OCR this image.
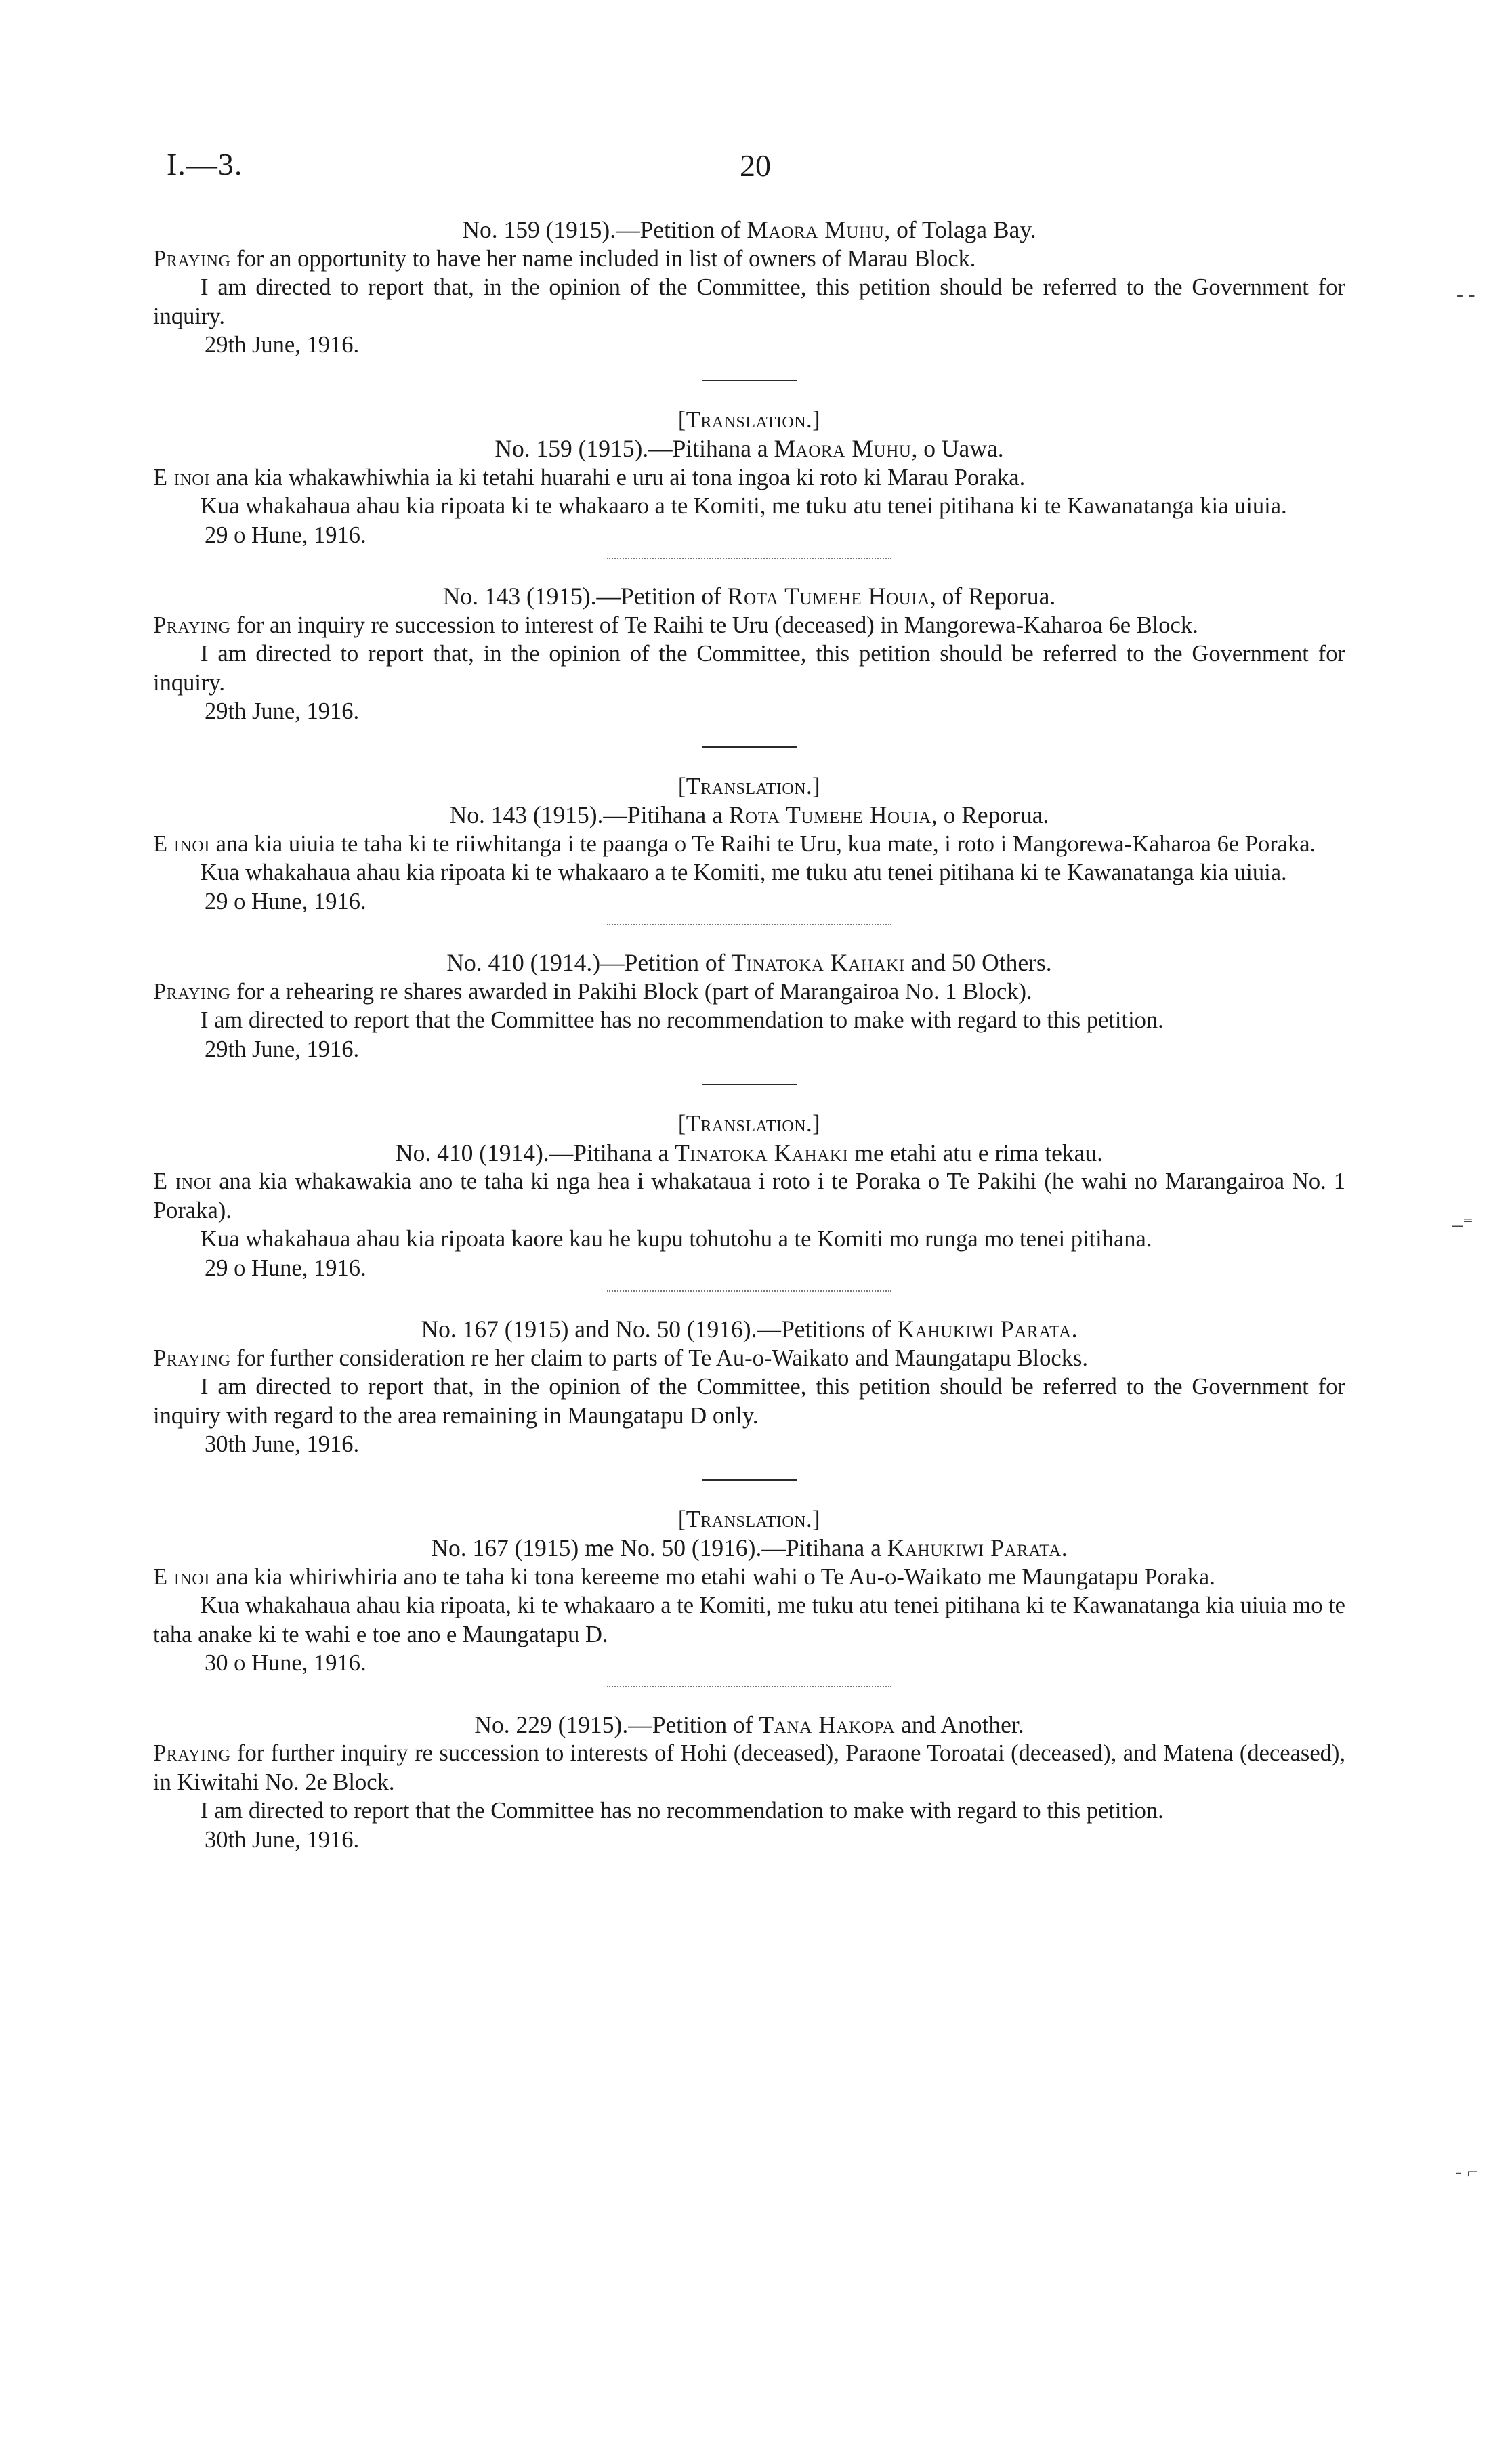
I.—3.	20

No. 159 (1915).—Petition of Maora Muhu, of Tolaga Bay.

Praying for an opportunity to have her name included in list of owners of Marau Block.

I am directed to report that, in the opinion of the Committee, this petition should be referred to the Government for inquiry.

29th June, 1916.

[Translation.]

No. 159 (1915).—Pitihana a Maora Muhu, o Uawa.

E inoi ana kia whakawhiwhia ia ki tetahi huarahi e uru ai tona ingoa ki roto ki Marau Poraka.

Kua whakahaua ahau kia ripoata ki te whakaaro a te Komiti, me tuku atu tenei pitihana ki te Kawanatanga kia uiuia.

29 o Hune, 1916.

No. 143 (1915).—Petition of Rota Tumehe Houia, of Reporua.

Praying for an inquiry re succession to interest of Te Raihi te Uru (deceased) in Mangorewa-Kaharoa 6e Block.

I am directed to report that, in the opinion of the Committee, this petition should be referred to the Government for inquiry.

29th June, 1916.

[Translation.]

No. 143 (1915).—Pitihana a Rota Tumehe Houia, o Reporua.

E inoi ana kia uiuia te taha ki te riiwhitanga i te paanga o Te Raihi te Uru, kua mate, i roto i Mangorewa-Kaharoa 6e Poraka.

Kua whakahaua ahau kia ripoata ki te whakaaro a te Komiti, me tuku atu tenei pitihana ki te Kawanatanga kia uiuia.

29 o Hune, 1916.

No. 410 (1914.)—Petition of Tinatoka Kahaki and 50 Others.

Praying for a rehearing re shares awarded in Pakihi Block (part of Marangairoa No. 1 Block).

I am directed to report that the Committee has no recommendation to make with regard to this petition.

29th June, 1916.

[Translation.]

No. 410 (1914).—Pitihana a Tinatoka Kahaki me etahi atu e rima tekau.

E inoi ana kia whakawakia ano te taha ki nga hea i whakataua i roto i te Poraka o Te Pakihi (he wahi no Marangairoa No. 1 Poraka).

Kua whakahaua ahau kia ripoata kaore kau he kupu tohutohu a te Komiti mo runga mo tenei pitihana.

29 o Hune, 1916.

No. 167 (1915) and No. 50 (1916).—Petitions of Kahukiwi Parata.

Praying for further consideration re her claim to parts of Te Au-o-Waikato and Maungatapu Blocks.

I am directed to report that, in the opinion of the Committee, this petition should be referred to the Government for inquiry with regard to the area remaining in Maungatapu D only.

30th June, 1916.

[Translation.]

No. 167 (1915) me No. 50 (1916).—Pitihana a Kahukiwi Parata.

E inoi ana kia whiriwhiria ano te taha ki tona kereeme mo etahi wahi o Te Au-o-Waikato me Maungatapu Poraka.

Kua whakahaua ahau kia ripoata, ki te whakaaro a te Komiti, me tuku atu tenei pitihana ki te Kawanatanga kia uiuia mo te taha anake ki te wahi e toe ano e Maungatapu D.

30 o Hune, 1916.

No. 229 (1915).—Petition of Tana Hakopa and Another.

Praying for further inquiry re succession to interests of Hohi (deceased), Paraone Toroatai (deceased), and Matena (deceased), in Kiwitahi No. 2e Block.

I am directed to report that the Committee has no recommendation to make with regard to this petition.

30th June, 1916.

- -
–⁼
- ⌐
